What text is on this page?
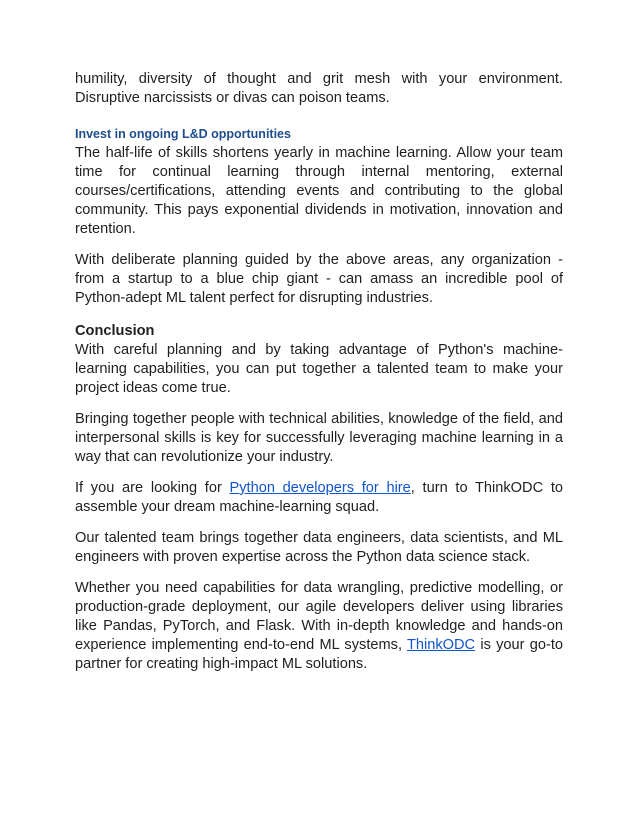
humility, diversity of thought and grit mesh with your environment. Disruptive narcissists or divas can poison teams.

Invest in ongoing L&D opportunities

The half-life of skills shortens yearly in machine learning. Allow your team time for continual learning through internal mentoring, external courses/certifications, attending events and contributing to the global community. This pays exponential dividends in motivation, innovation and retention.

With deliberate planning guided by the above areas, any organization - from a startup to a blue chip giant - can amass an incredible pool of Python-adept ML talent perfect for disrupting industries.

Conclusion

With careful planning and by taking advantage of Python's machine-learning capabilities, you can put together a talented team to make your project ideas come true.

Bringing together people with technical abilities, knowledge of the field, and interpersonal skills is key for successfully leveraging machine learning in a way that can revolutionize your industry.

If you are looking for Python developers for hire, turn to ThinkODC to assemble your dream machine-learning squad.

Our talented team brings together data engineers, data scientists, and ML engineers with proven expertise across the Python data science stack.

Whether you need capabilities for data wrangling, predictive modelling, or production-grade deployment, our agile developers deliver using libraries like Pandas, PyTorch, and Flask. With in-depth knowledge and hands-on experience implementing end-to-end ML systems, ThinkODC is your go-to partner for creating high-impact ML solutions.
